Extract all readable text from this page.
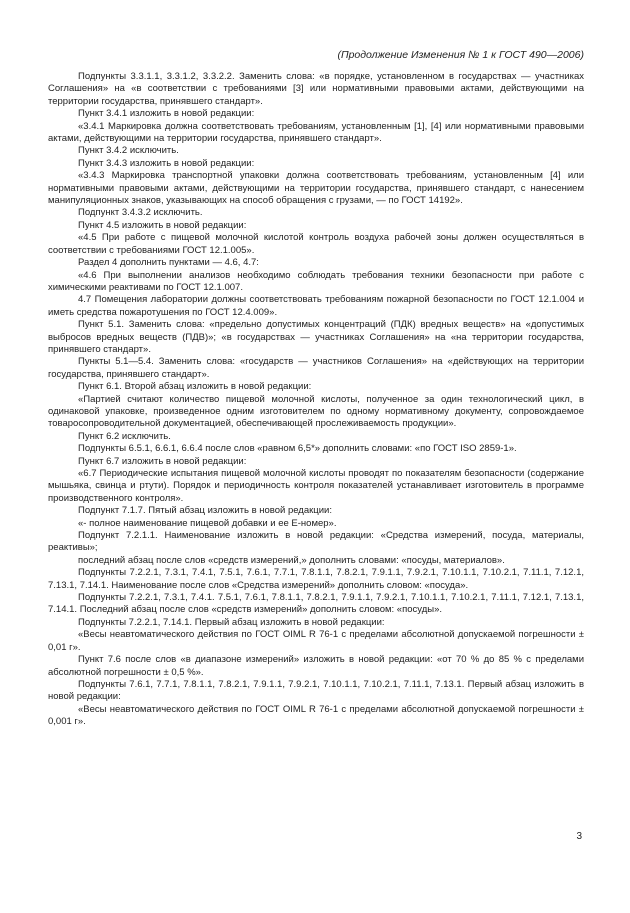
(Продолжение Изменения № 1 к ГОСТ 490—2006)

Подпункты 3.3.1.1, 3.3.1.2, 3.3.2.2. Заменить слова: «в порядке, установленном в государствах — участниках Соглашения» на «в соответствии с требованиями [3] или нормативными правовыми актами, действующими на территории государства, принявшего стандарт».

Пункт 3.4.1 изложить в новой редакции:

«3.4.1 Маркировка должна соответствовать требованиям, установленным [1], [4] или нормативными правовыми актами, действующими на территории государства, принявшего стандарт».

Пункт 3.4.2 исключить.

Пункт 3.4.3 изложить в новой редакции:

«3.4.3 Маркировка транспортной упаковки должна соответствовать требованиям, установленным [4] или нормативными правовыми актами, действующими на территории государства, принявшего стандарт, с нанесением манипуляционных знаков, указывающих на способ обращения с грузами, — по ГОСТ 14192».

Подпункт 3.4.3.2 исключить.

Пункт 4.5 изложить в новой редакции:

«4.5 При работе с пищевой молочной кислотой контроль воздуха рабочей зоны должен осуществляться в соответствии с требованиями ГОСТ 12.1.005».

Раздел 4 дополнить пунктами — 4.6, 4.7:

«4.6 При выполнении анализов необходимо соблюдать требования техники безопасности при работе с химическими реактивами по ГОСТ 12.1.007.

4.7 Помещения лаборатории должны соответствовать требованиям пожарной безопасности по ГОСТ 12.1.004 и иметь средства пожаротушения по ГОСТ 12.4.009».

Пункт 5.1. Заменить слова: «предельно допустимых концентраций (ПДК) вредных веществ» на «допустимых выбросов вредных веществ (ПДВ)»; «в государствах — участниках Соглашения» на «на территории государства, принявшего стандарт».

Пункты 5.1—5.4. Заменить слова: «государств — участников Соглашения» на «действующих на территории государства, принявшего стандарт».

Пункт 6.1. Второй абзац изложить в новой редакции:

«Партией считают количество пищевой молочной кислоты, полученное за один технологический цикл, в одинаковой упаковке, произведенное одним изготовителем по одному нормативному документу, сопровождаемое товаросопроводительной документацией, обеспечивающей прослеживаемость продукции».

Пункт 6.2 исключить.

Подпункты 6.5.1, 6.6.1, 6.6.4 после слов «равном 6,5*» дополнить словами: «по ГОСТ ISO 2859-1».

Пункт 6.7 изложить в новой редакции:

«6.7 Периодические испытания пищевой молочной кислоты проводят по показателям безопасности (содержание мышьяка, свинца и ртути). Порядок и периодичность контроля показателей устанавливает изготовитель в программе производственного контроля».

Подпункт 7.1.7. Пятый абзац изложить в новой редакции:

«- полное наименование пищевой добавки и ее Е-номер».

Подпункт 7.2.1.1. Наименование изложить в новой редакции: «Средства измерений, посуда, материалы, реактивы»;

последний абзац после слов «средств измерений,» дополнить словами: «посуды, материалов».

Подпункты 7.2.2.1, 7.3.1, 7.4.1, 7.5.1, 7.6.1, 7.7.1, 7.8.1.1, 7.8.2.1, 7.9.1.1, 7.9.2.1, 7.10.1.1, 7.10.2.1, 7.11.1, 7.12.1, 7.13.1, 7.14.1. Наименование после слов «Средства измерений» дополнить словом: «посуда».

Подпункты 7.2.2.1, 7.3.1, 7.4.1. 7.5.1, 7.6.1, 7.8.1.1, 7.8.2.1, 7.9.1.1, 7.9.2.1, 7.10.1.1, 7.10.2.1, 7.11.1, 7.12.1, 7.13.1, 7.14.1. Последний абзац после слов «средств измерений» дополнить словом: «посуды».

Подпункты 7.2.2.1, 7.14.1. Первый абзац изложить в новой редакции:

«Весы неавтоматического действия по ГОСТ OIML R 76-1 с пределами абсолютной допускаемой погрешности ± 0,01 г».

Пункт 7.6 после слов «в диапазоне измерений» изложить в новой редакции: «от 70 % до 85 % с пределами абсолютной погрешности ± 0,5 %».

Подпункты 7.6.1, 7.7.1, 7.8.1.1, 7.8.2.1, 7.9.1.1, 7.9.2.1, 7.10.1.1, 7.10.2.1, 7.11.1, 7.13.1. Первый абзац изложить в новой редакции:

«Весы неавтоматического действия по ГОСТ OIML R 76-1 с пределами абсолютной допускаемой погрешности ± 0,001 г».

3
